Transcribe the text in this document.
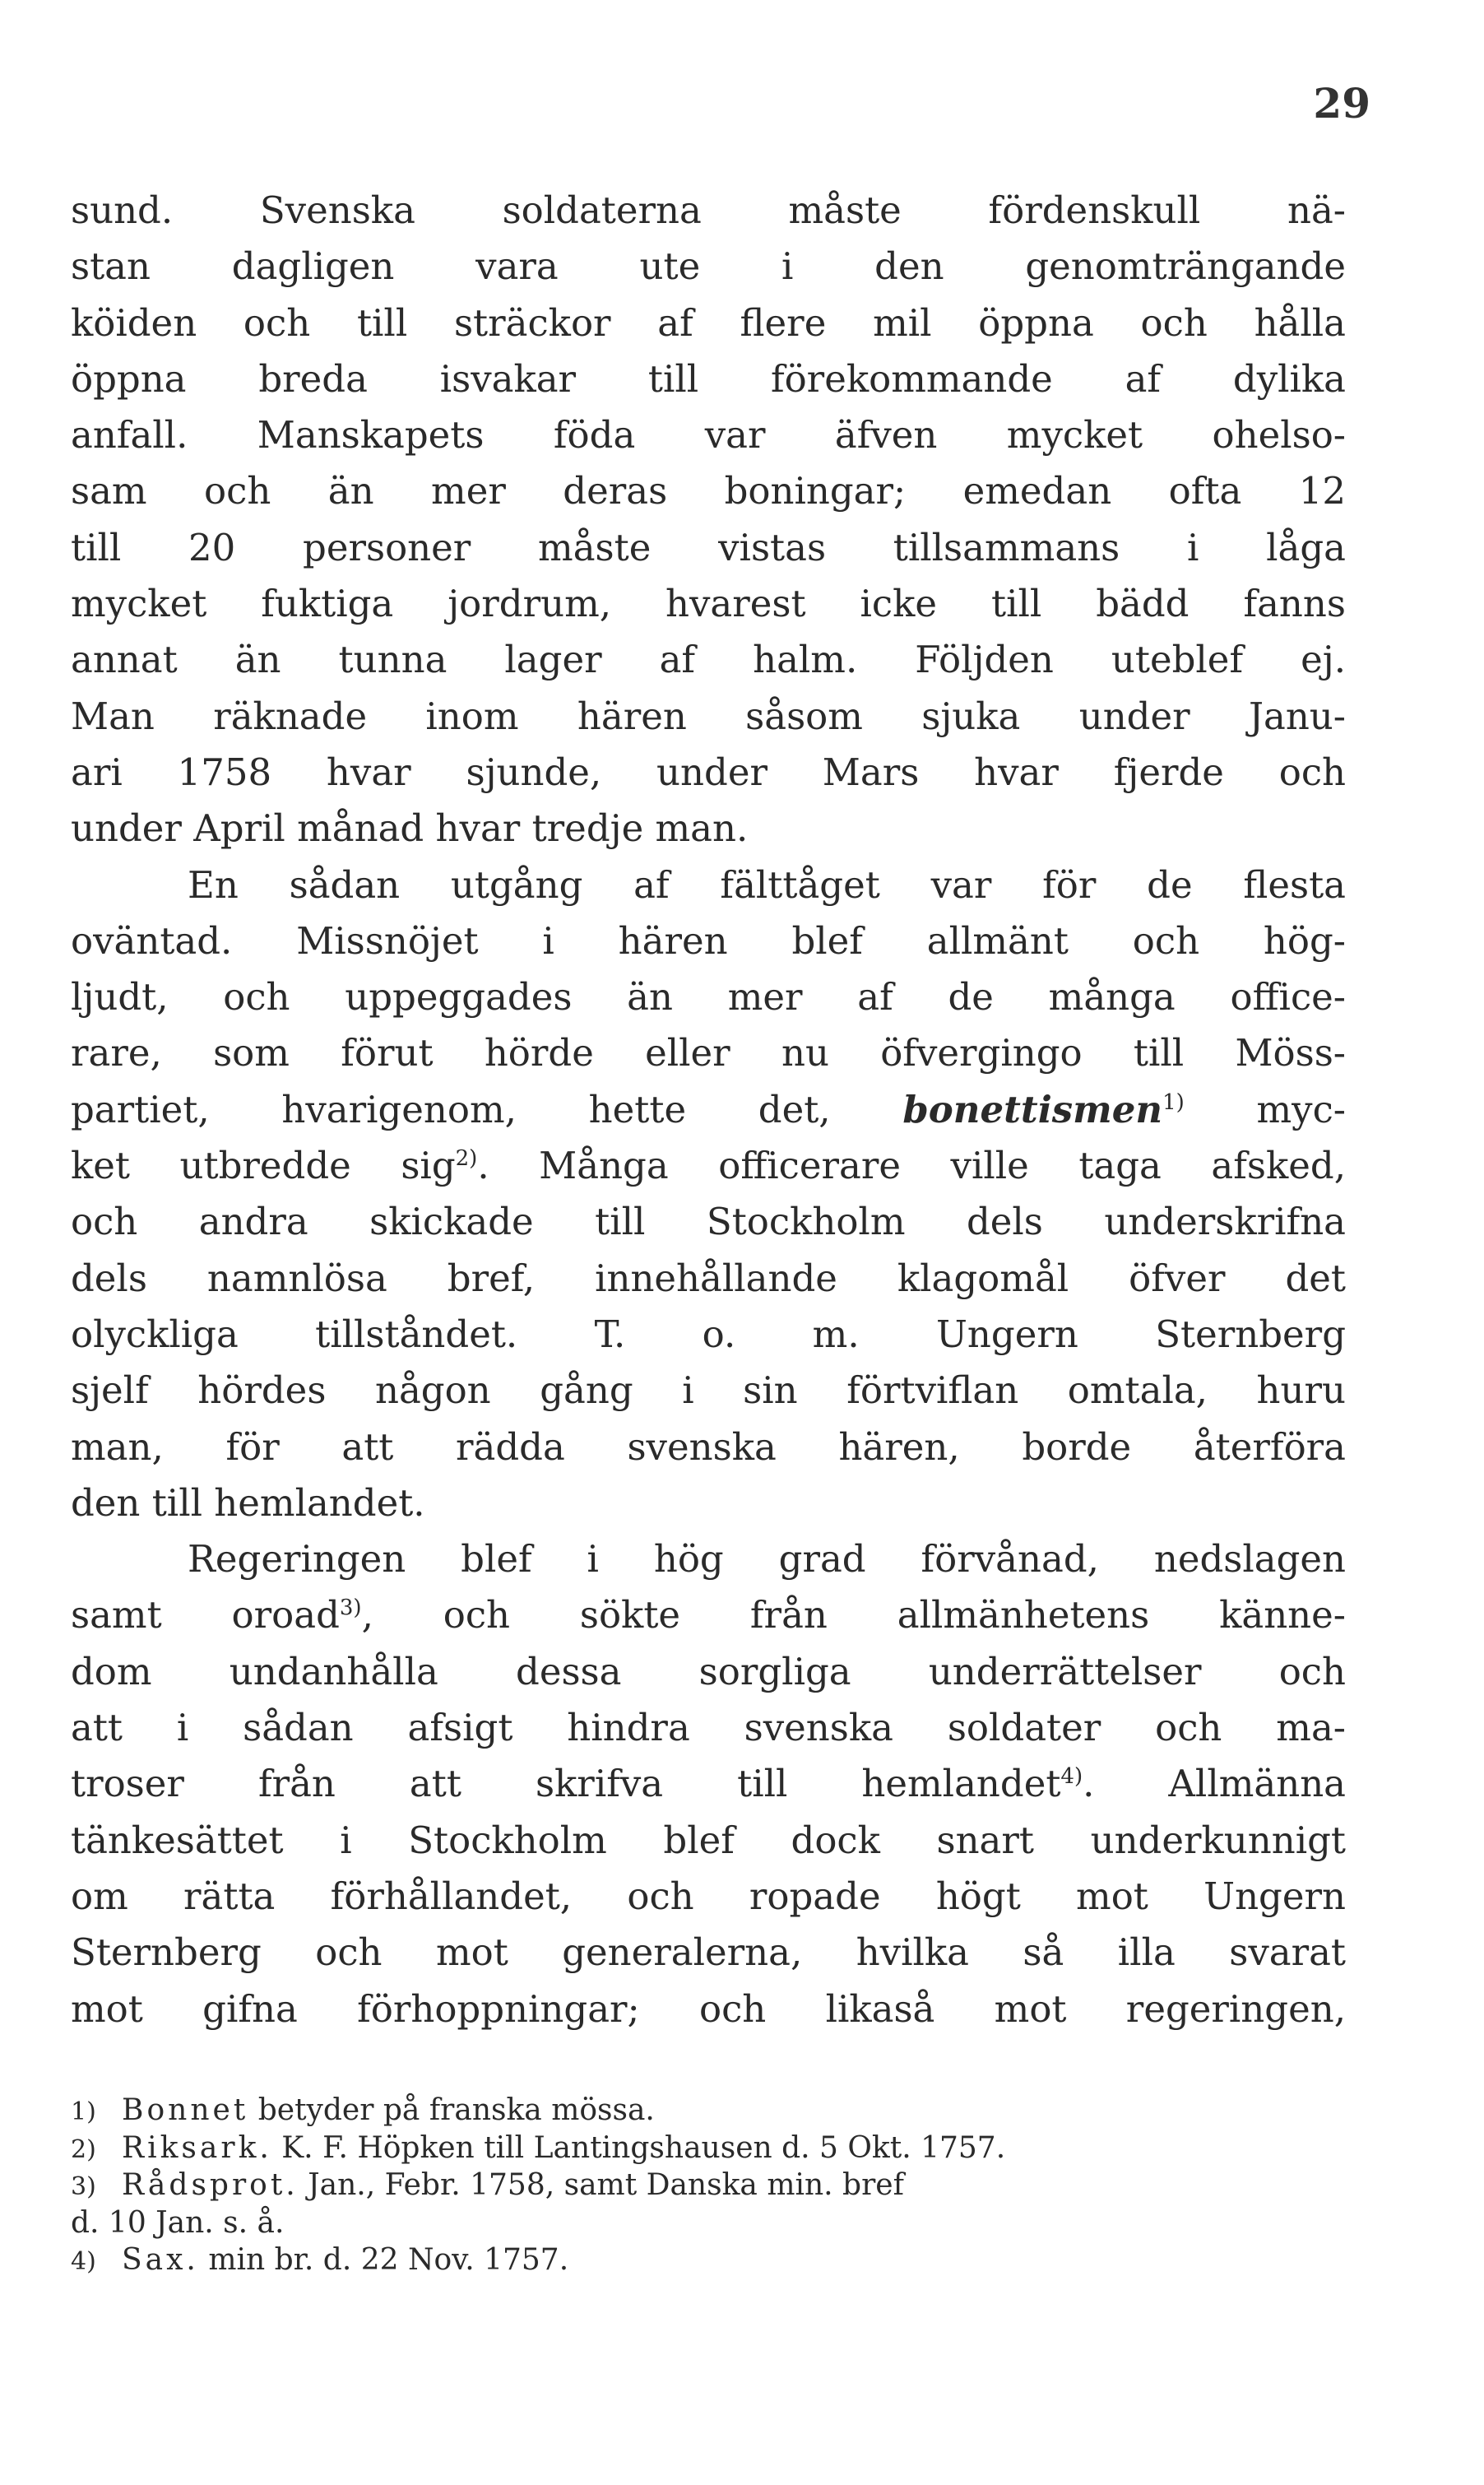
29
sund. Svenska soldaterna måste fördenskull nä-
stan dagligen vara ute i den genomträngande
köiden och till sträckor af flere mil öppna och hålla
öppna breda isvakar till förekommande af dylika
anfall. Manskapets föda var äfven mycket ohelso-
sam och än mer deras boningar; emedan ofta 12
till 20 personer måste vistas tillsammans i låga
mycket fuktiga jordrum, hvarest icke till bädd fanns
annat än tunna lager af halm. Följden uteblef ej.
Man räknade inom hären såsom sjuka under Janu-
ari 1758 hvar sjunde, under Mars hvar fjerde och
under April månad hvar tredje man.
En sådan utgång af fälttåget var för de flesta
oväntad. Missnöjet i hären blef allmänt och hög-
ljudt, och uppeggades än mer af de många office-
rare, som förut hörde eller nu öfvergingo till Möss-
partiet, hvarigenom, hette det, bonettismen$^{1)}$ myc-
ket utbredde sig$^{2)}$. Många officerare ville taga afsked,
och andra skickade till Stockholm dels underskrifna
dels namnlösa bref, innehållande klagomål öfver det
olyckliga tillståndet. T. o. m. Ungern Sternberg
sjelf hördes någon gång i sin förtviflan omtala, huru
man, för att rädda svenska hären, borde återföra
den till hemlandet.
Regeringen blef i hög grad förvånad, nedslagen
samt oroad$^{3)}$, och sökte från allmänhetens känne-
dom undanhålla dessa sorgliga underrättelser och
att i sådan afsigt hindra svenska soldater och ma-
troser från att skrifva till hemlandet$^{4)}$. Allmänna
tänkesättet i Stockholm blef dock snart underkunnigt
om rätta förhållandet, och ropade högt mot Ungern
Sternberg och mot generalerna, hvilka så illa svarat
mot gifna förhoppningar; och likaså mot regeringen,
1) Bonnet betyder på franska mössa.
2) Riksark. K. F. Höpken till Lantingshausen d. 5 Okt. 1757.
3) Rådsprot. Jan., Febr. 1758, samt Danska min. bref
d. 10 Jan. s. å.
4) Sax. min br. d. 22 Nov. 1757.
